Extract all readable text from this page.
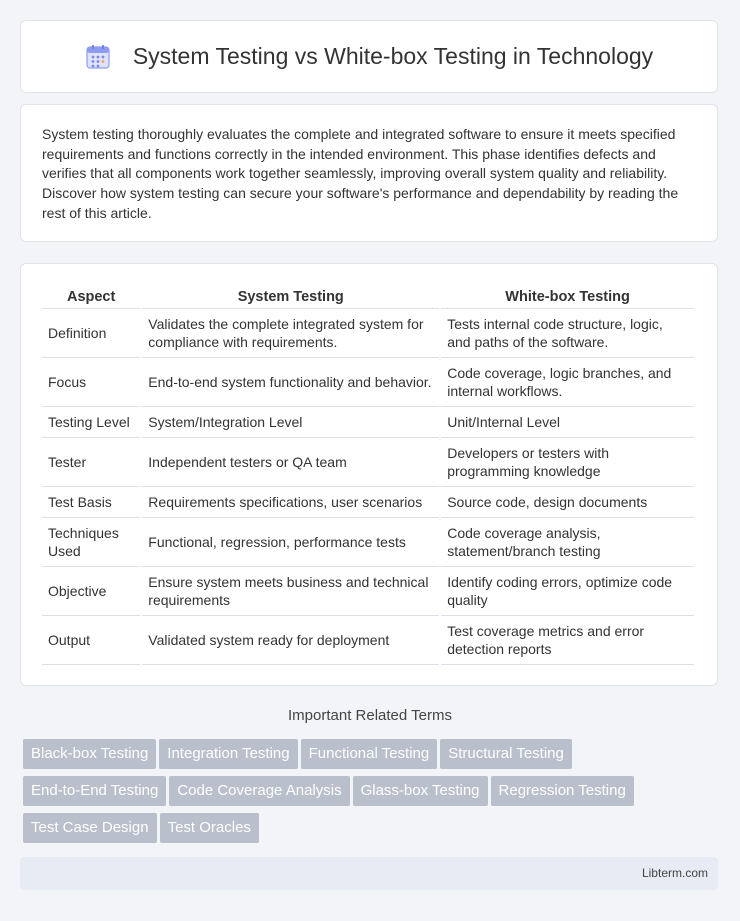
System Testing vs White-box Testing in Technology

System testing thoroughly evaluates the complete and integrated software to ensure it meets specified requirements and functions correctly in the intended environment. This phase identifies defects and verifies that all components work together seamlessly, improving overall system quality and reliability. Discover how system testing can secure your software's performance and dependability by reading the rest of this article.

Aspect	System Testing	White-box Testing
Definition	Validates the complete integrated system for compliance with requirements.	Tests internal code structure, logic, and paths of the software.
Focus	End-to-end system functionality and behavior.	Code coverage, logic branches, and internal workflows.
Testing Level	System/Integration Level	Unit/Internal Level
Tester	Independent testers or QA team	Developers or testers with programming knowledge
Test Basis	Requirements specifications, user scenarios	Source code, design documents
Techniques Used	Functional, regression, performance tests	Code coverage analysis, statement/branch testing
Objective	Ensure system meets business and technical requirements	Identify coding errors, optimize code quality
Output	Validated system ready for deployment	Test coverage metrics and error detection reports
Important Related Terms
Black-box Testing Integration Testing Functional Testing Structural Testing
End-to-End Testing Code Coverage Analysis Glass-box Testing Regression Testing
Test Case Design Test Oracles
Libterm.com
